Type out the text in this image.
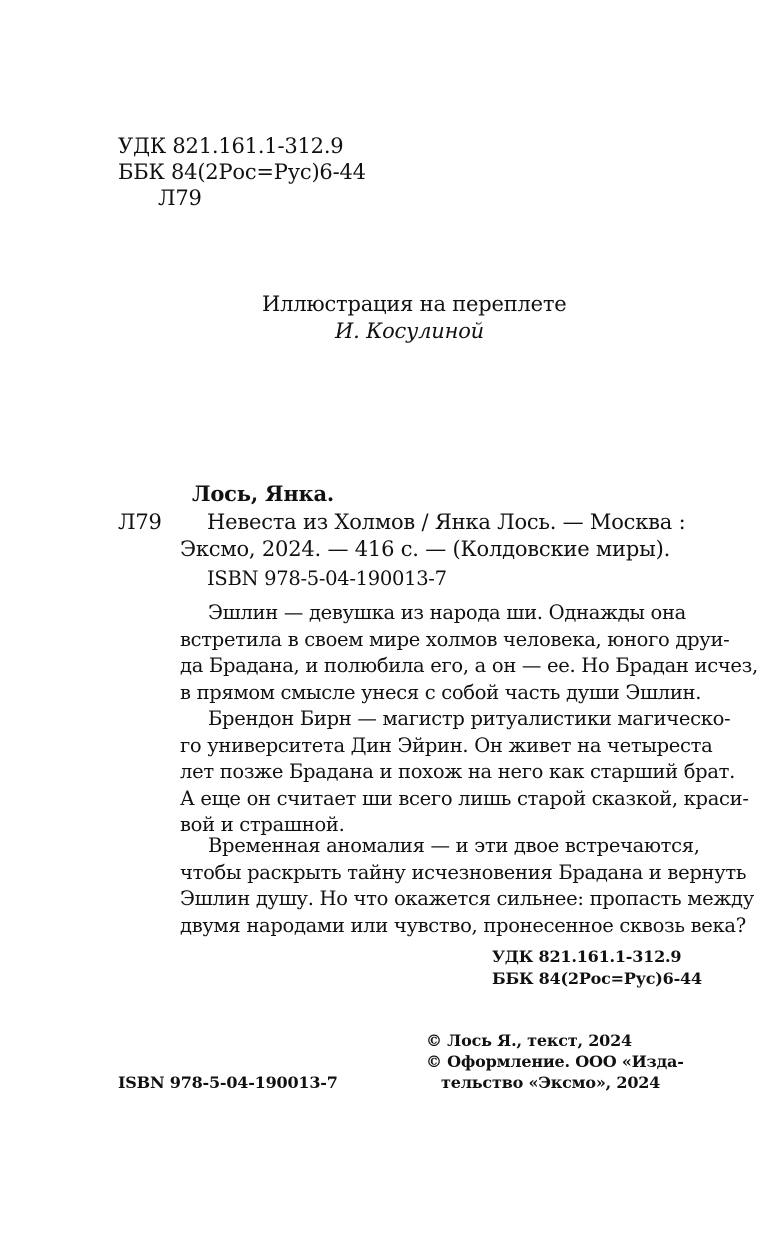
УДК 821.161.1-312.9
ББК 84(2Рос=Рус)6-44
Л79
Иллюстрация на переплете
И. Косулиной
Лось, Янка.
Л79 Невеста из Холмов / Янка Лось. — Москва :
Эксмо, 2024. — 416 с. — (Колдовские миры).
ISBN 978-5-04-190013-7
Эшлин — девушка из народа ши. Однажды она
встретила в своем мире холмов человека, юного друи-
да Брадана, и полюбила его, а он — ее. Но Брадан исчез,
в прямом смысле унеся с собой часть души Эшлин.
Брендон Бирн — магистр ритуалистики магическо-
го университета Дин Эйрин. Он живет на четыреста
лет позже Брадана и похож на него как старший брат.
А еще он считает ши всего лишь старой сказкой, краси-
вой и страшной.
Временная аномалия — и эти двое встречаются,
чтобы раскрыть тайну исчезновения Брадана и вернуть
Эшлин душу. Но что окажется сильнее: пропасть между
двумя народами или чувство, пронесенное сквозь века?
УДК 821.161.1-312.9
ББК 84(2Рос=Рус)6-44
ISBN 978-5-04-190013-7
© Лось Я., текст, 2024
© Оформление. ООО «Изда-
тельство «Эксмо», 2024
